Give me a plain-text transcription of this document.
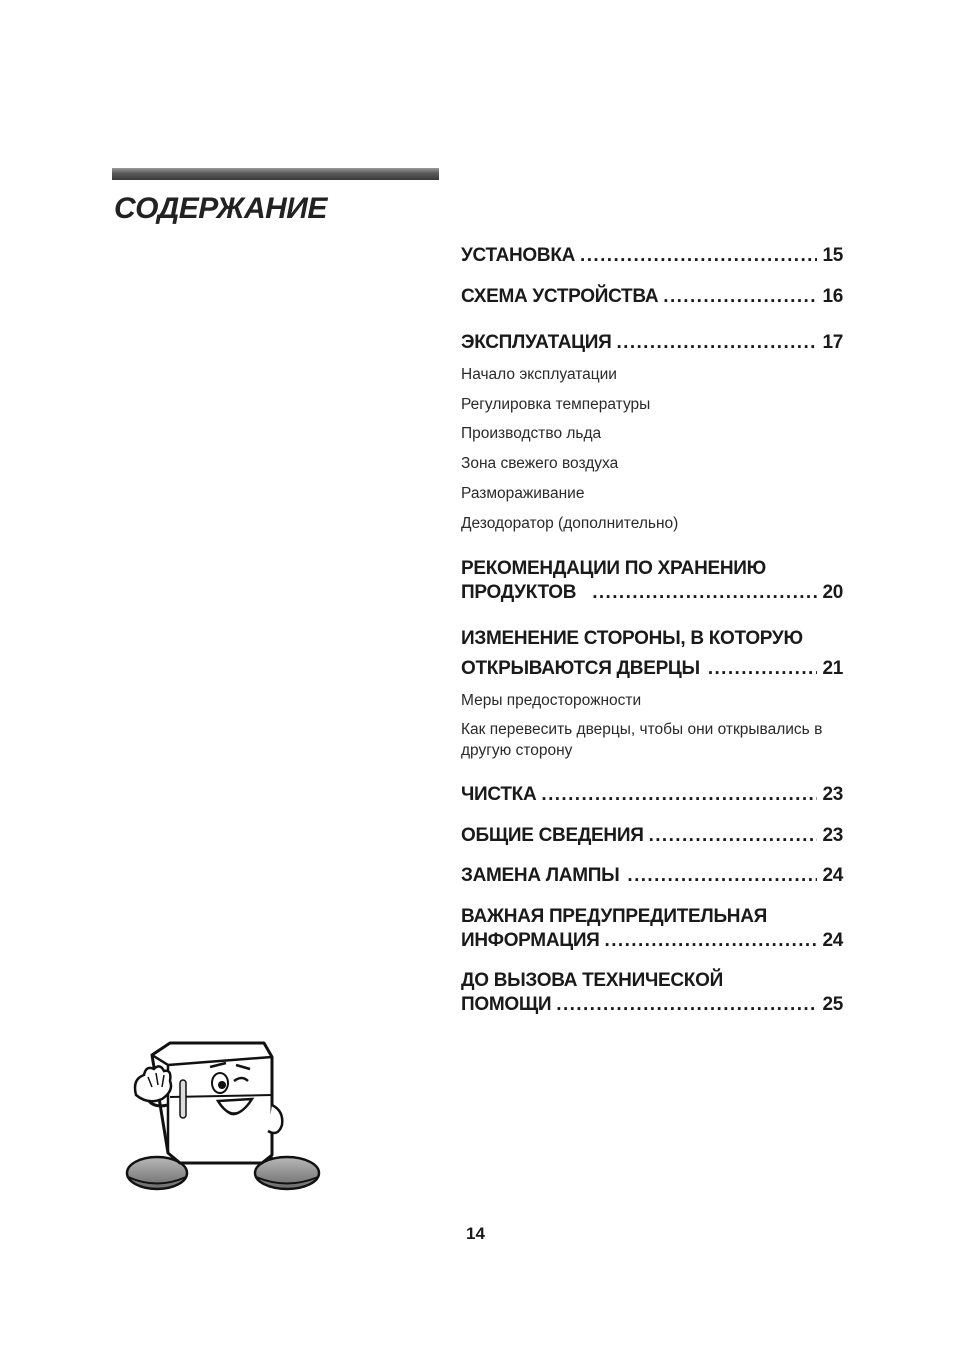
СОДЕРЖАНИЕ
УСТАНОВКА .....	15
СХЕМА УСТРОЙСТВА .....	16
ЭКСПЛУАТАЦИЯ .....	17
Начало эксплуатации
Регулировка температуры
Производство льда
Зона свежего воздуха
Размораживание
Дезодоратор (дополнительно)
РЕКОМЕНДАЦИИ ПО ХРАНЕНИЮ
ПРОДУКТОВ .....	20
ИЗМЕНЕНИЕ СТОРОНЫ, В КОТОРУЮ
ОТКРЫВАЮТСЯ ДВЕРЦЫ .....	21
Меры предосторожности
Как перевесить дверцы, чтобы они открывались в другую сторону
ЧИСТКА .....	23
ОБЩИЕ СВЕДЕНИЯ .....	23
ЗАМЕНА ЛАМПЫ .....	24
ВАЖНАЯ ПРЕДУПРЕДИТЕЛЬНАЯ
ИНФОРМАЦИЯ .....	24
ДО ВЫЗОВА ТЕХНИЧЕСКОЙ
ПОМОЩИ .....	25
14
